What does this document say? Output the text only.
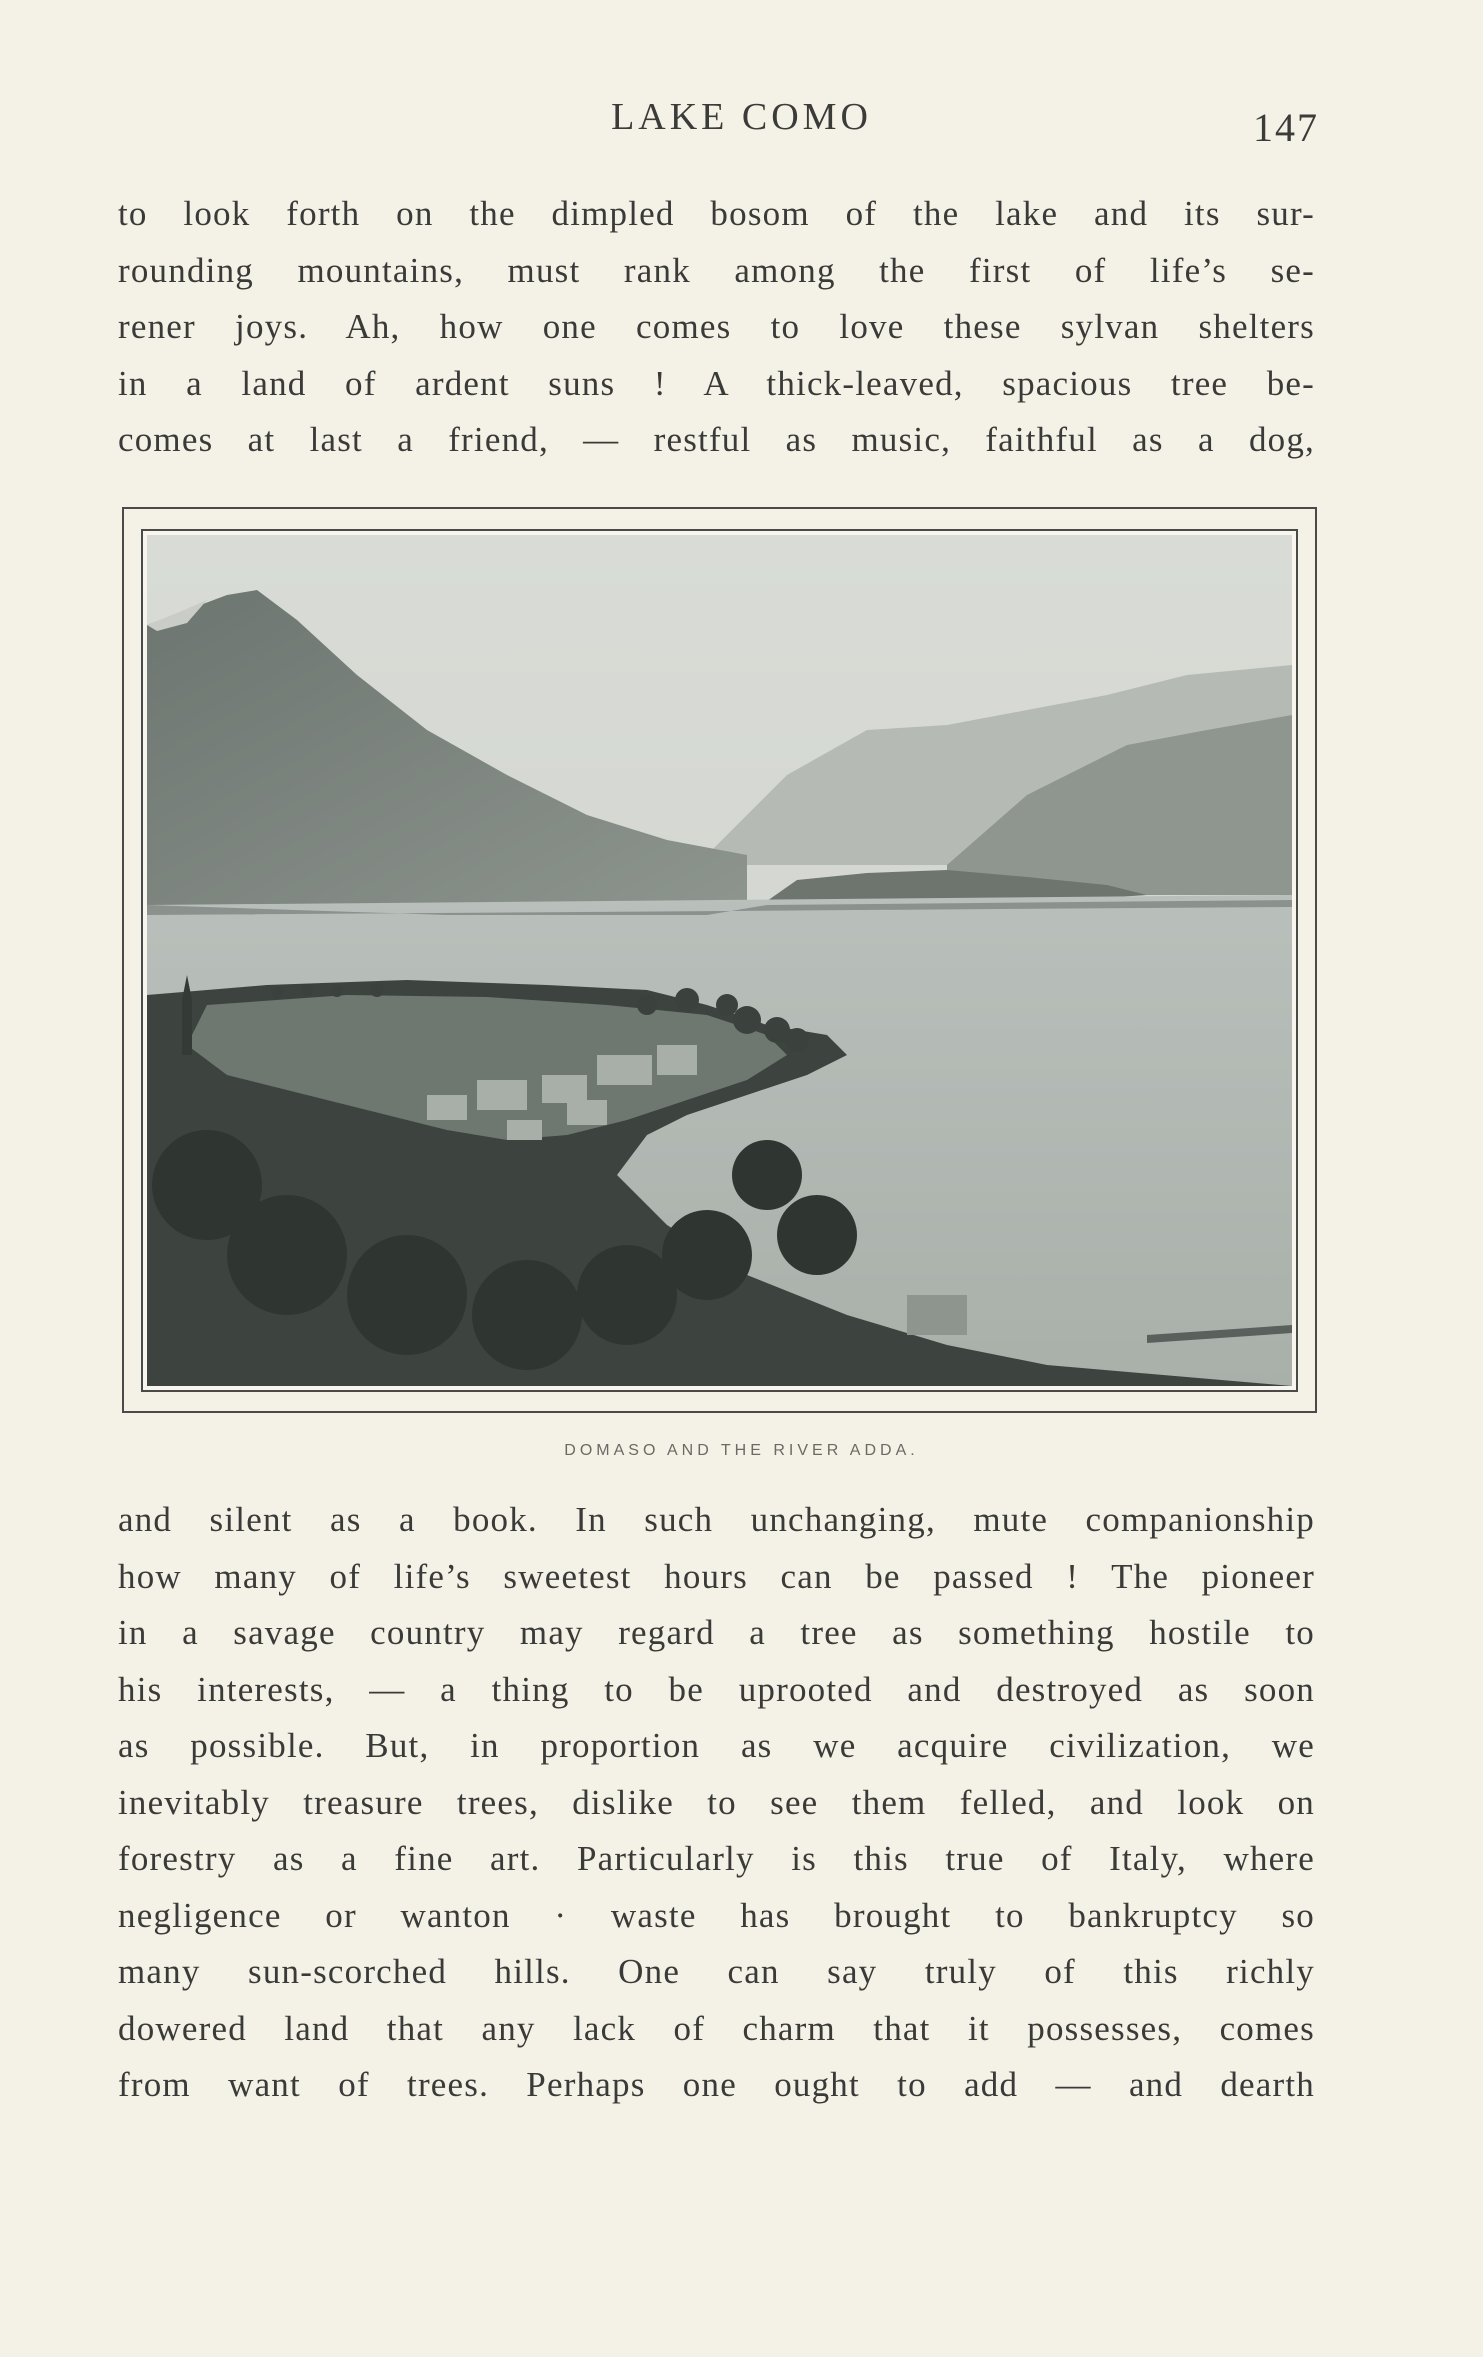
LAKE COMO	147
to look forth on the dimpled bosom of the lake and its sur-
rounding mountains, must rank among the first of life’s se-
rener joys. Ah, how one comes to love these sylvan shelters
in a land of ardent suns ! A thick-leaved, spacious tree be-
comes at last a friend, — restful as music, faithful as a dog,
DOMASO AND THE RIVER ADDA.
and silent as a book. In such unchanging, mute companionship
how many of life’s sweetest hours can be passed ! The pioneer
in a savage country may regard a tree as something hostile to
his interests, — a thing to be uprooted and destroyed as soon
as possible. But, in proportion as we acquire civilization, we
inevitably treasure trees, dislike to see them felled, and look on
forestry as a fine art. Particularly is this true of Italy, where
negligence or wanton · waste has brought to bankruptcy so
many sun-scorched hills. One can say truly of this richly
dowered land that any lack of charm that it possesses, comes
from want of trees. Perhaps one ought to add — and dearth
